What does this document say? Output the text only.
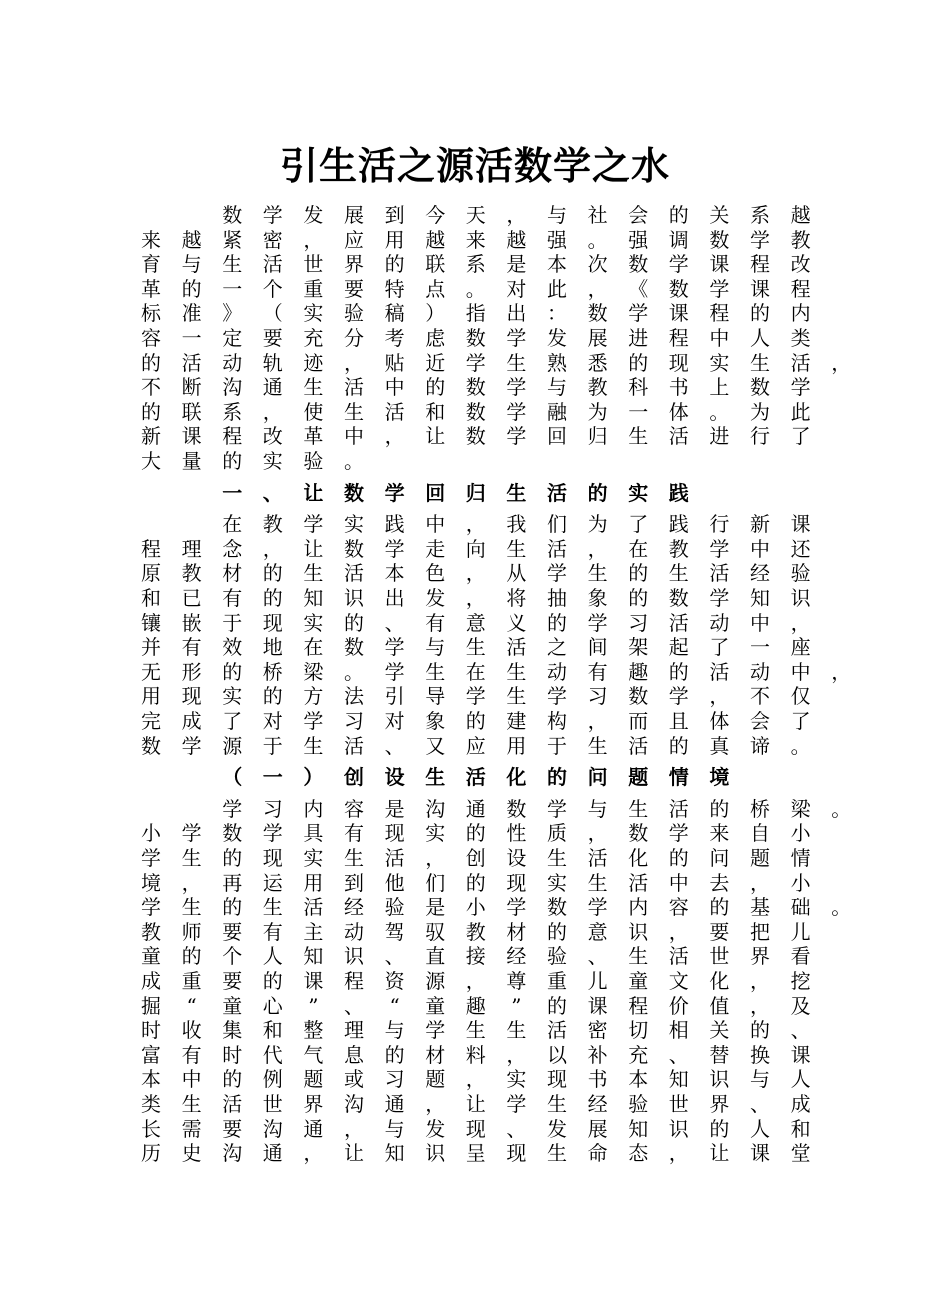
引生活之源活数学之水
数 学 发 展 到 今 天 ， 与 社 会 的 关 系 越
来 越 紧 密 ， 应 用 越 来 越 强 。 强 调 数 学 教
育 与 生 活 世 界 的 联 系 是 本 次 数 学 课 程 改
革 的 一 个 重 要 特 点 。 对 此 ， 《 数 学 课 程
标 准 》 （ 实 验 稿 ） 指 出 ： 数 学 课 程 的 内
容 一 定 要 充 分 考 虑 数 学 发 展 进 程 中 人 类
的 活 动 轨 迹 ， 贴 近 学 生 熟 悉 的 现 实 生 活 ，
不 断 沟 通 生 活 中 的 数 学 与 教 科 书 上 数 学
的 联 系 ， 使 生 活 和 数 学 融 为 一 体 。 为 此
新 课 程 改 革 中 ， 让 数 学 回 归 生 活 进 行 了
大 量 的 实 验 。
一 、 让 数 学 回 归 生 活 的 实 践
在 教 学 实 践 中 ， 我 们 为 了 践 行 新 课
程 理 念 ， 让 数 学 走 向 生 活 ， 在 教 学 中 还
原 教 材 的 生 活 本 色 ， 从 学 生 的 生 活 经 验
和 已 有 的 知 识 出 发 ， 将 抽 象 的 数 学 知 识
镶 嵌 于 现 实 的 、 有 意 义 的 学 习 活 动 中 ，
并 有 效 地 在 数 学 与 生 活 之 间 架 起 了 一 座
无 形 的 桥 梁 。 学 生 在 生 动 有 趣 的 活 动 中 ，
用 现 实 的 方 法 引 导 学 生 学 习 数 学 ， 不 仅
完 成 了 对 学 习 对 象 的 建 构 ， 而 且 体 会 了
数 学 源 于 生 活 、 又 应 用 于 生 活 的 真 谛 。
（ 一 ） 创 设 生 活 化 的 问 题 情 境
学 习 内 容 是 沟 通 数 学 与 生 活 的 桥 梁 。
小 学 数 学 具 有 现 实 的 性 质 ， 数 学 来 自 小
学 生 的 现 实 生 活 ， 创 设 生 活 化 的 问 题 情
境 ， 再 运 用 到 他 们 的 现 实 生 活 中 去 ， 小
学 生 的 生 活 经 验 是 小 学 数 学 内 容 的 基 础 。
教 师 要 有 主 动 驾 驭 教 材 的 意 识 ， 要 把 儿
童 的 个 人 知 识 、 直 接 经 验 、 生 活 世 界 看
成 重 要 的 课 程 资 源 ， 尊 重 儿 童 文 化 ， 挖
掘 “ 童 心 ” 、 “ 童 趣 ” 的 课 程 价 值 ， 及
时 收 集 和 整 理 与 学 生 生 活 密 切 相 关 的 、
富 有 时 代 气 息 的 材 料 ， 以 补 充 、 替 换 课
本 中 的 例 题 或 习 题 ， 实 现 书 本 知 识 与 人
类 生 活 世 界 沟 通 ， 让 学 生 经 验 世 界 、 成
长 需 要 沟 通 ， 与 发 现 、 发 展 知 识 的 人 和
历 史 沟 通 ， 让 知 识 呈 现 生 命 态 ， 让 课 堂
